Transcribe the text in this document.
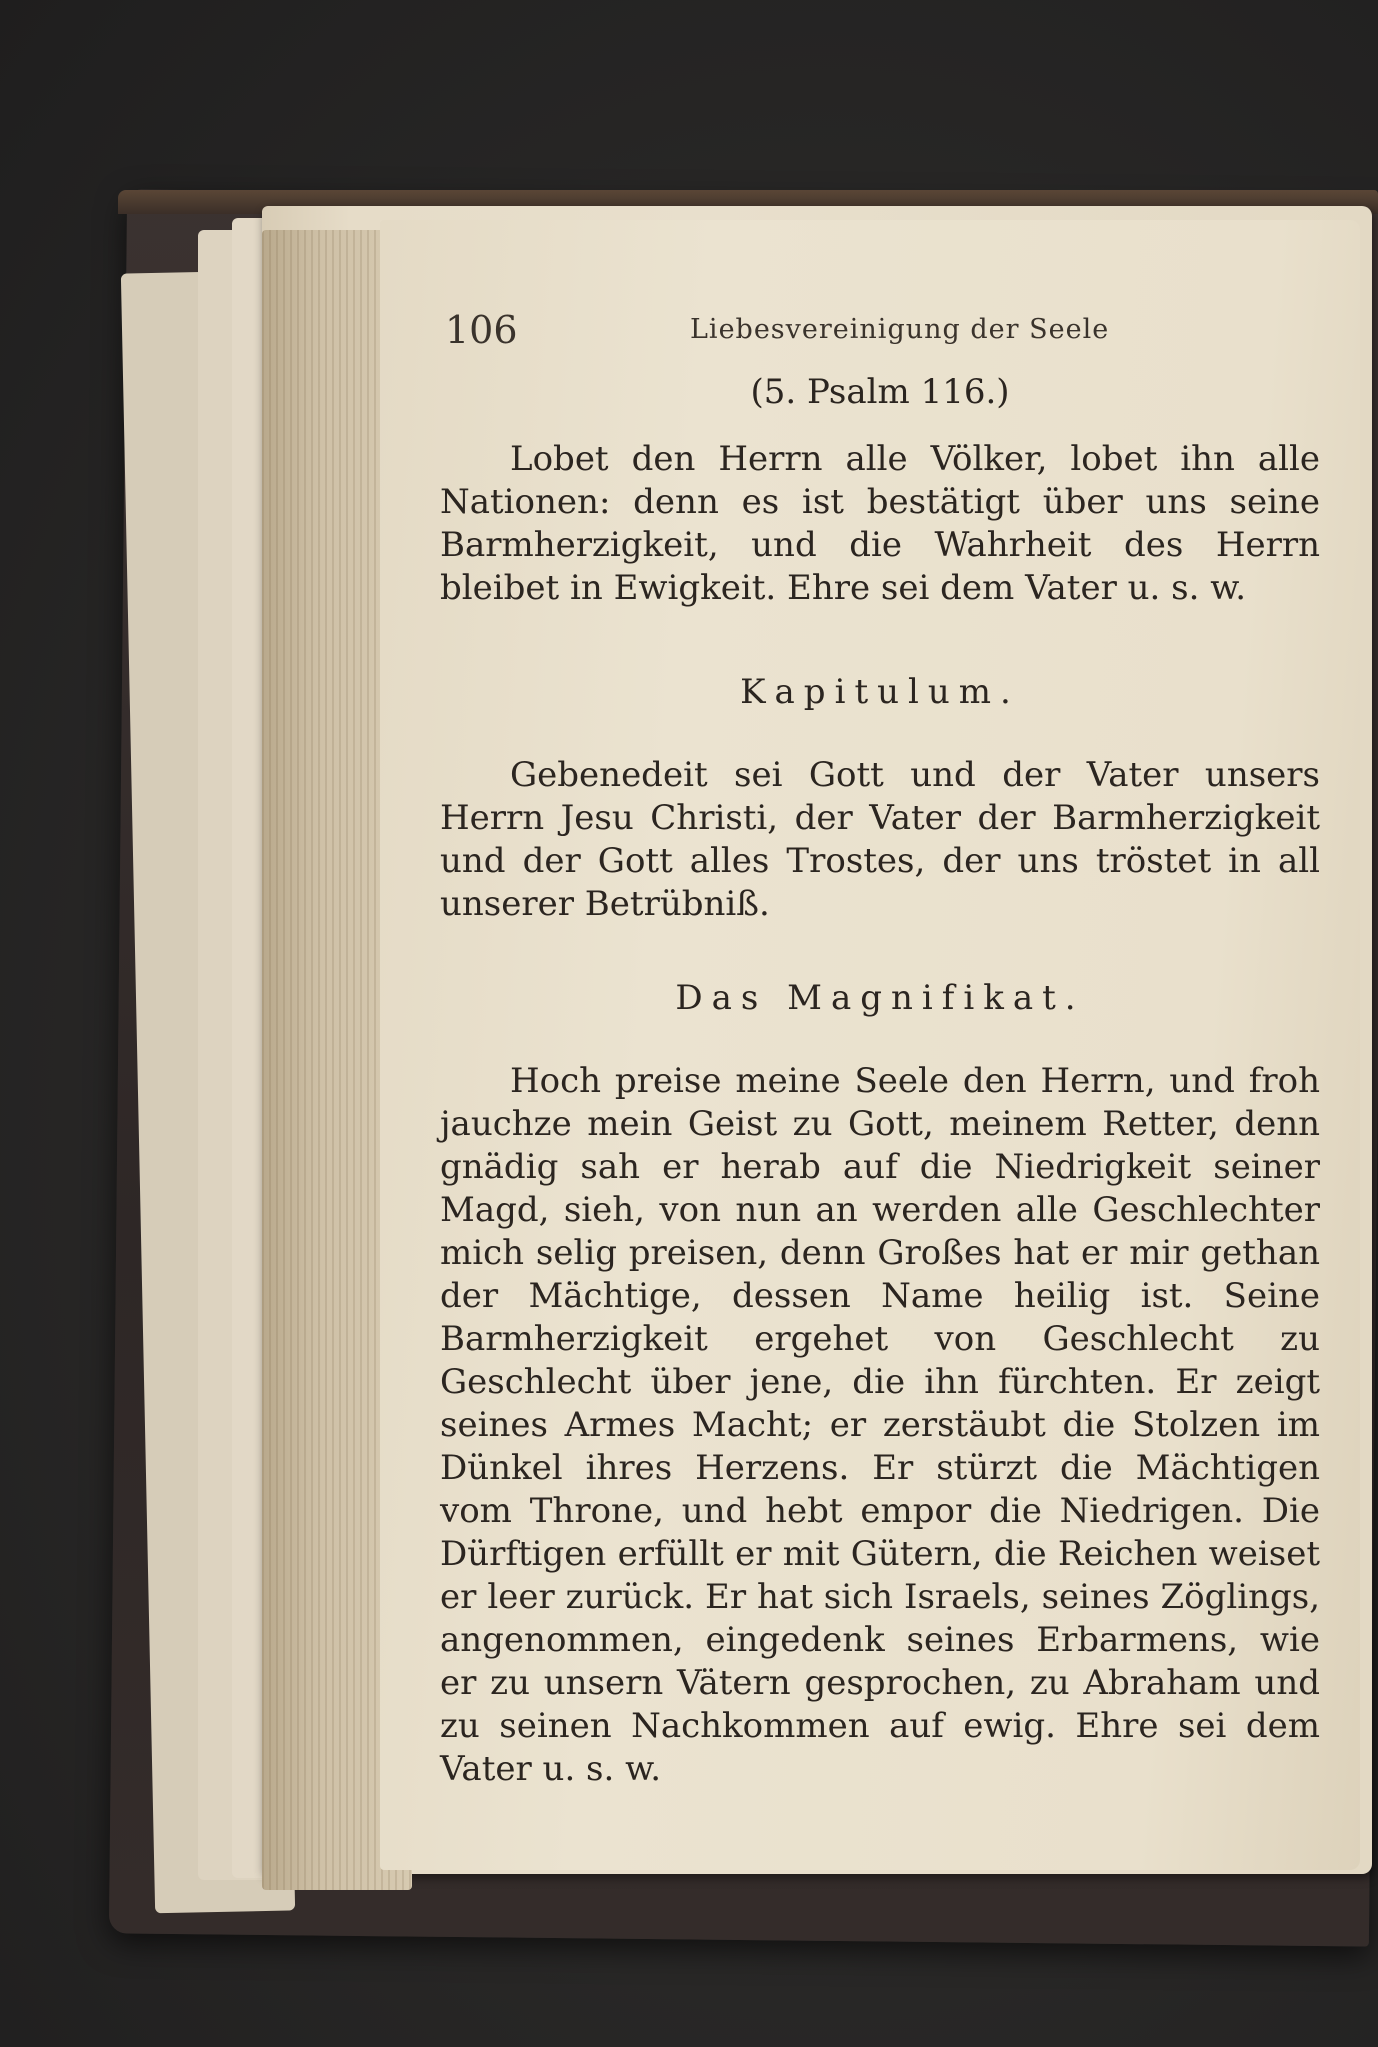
106	Liebesvereinigung der Seele
(5. Psalm 116.)

Lobet den Herrn alle Völker, lobet ihn alle Nationen: denn es ist bestätigt über uns seine Barmherzigkeit, und die Wahrheit des Herrn bleibet in Ewigkeit. Ehre sei dem Vater u. s. w.

Kapitulum.

Gebenedeit sei Gott und der Vater unsers Herrn Jesu Christi, der Vater der Barmherzigkeit und der Gott alles Trostes, der uns tröstet in all unserer Betrübniß.

Das Magnifikat.

Hoch preise meine Seele den Herrn, und froh jauchze mein Geist zu Gott, meinem Retter, denn gnädig sah er herab auf die Niedrigkeit seiner Magd, sieh, von nun an werden alle Geschlechter mich selig preisen, denn Großes hat er mir gethan der Mächtige, dessen Name heilig ist. Seine Barmherzigkeit ergehet von Geschlecht zu Geschlecht über jene, die ihn fürchten. Er zeigt seines Armes Macht; er zerstäubt die Stolzen im Dünkel ihres Herzens. Er stürzt die Mächtigen vom Throne, und hebt empor die Niedrigen. Die Dürftigen erfüllt er mit Gütern, die Reichen weiset er leer zurück. Er hat sich Israels, seines Zöglings, angenommen, eingedenk seines Erbarmens, wie er zu unsern Vätern gesprochen, zu Abraham und zu seinen Nachkommen auf ewig. Ehre sei dem Vater u. s. w.
